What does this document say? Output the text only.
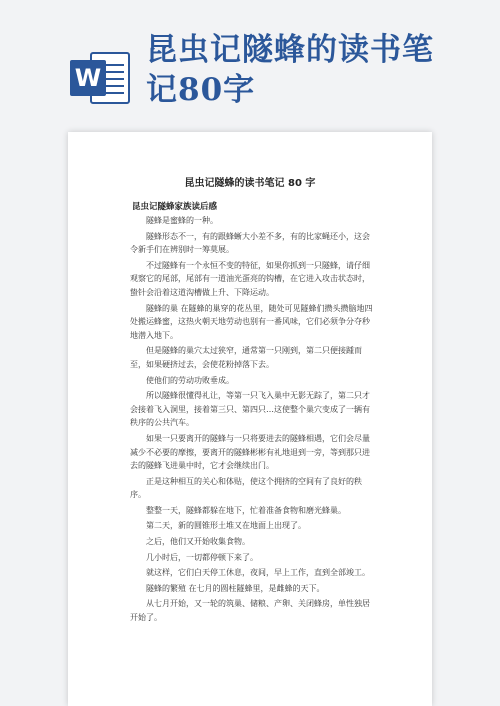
W
昆虫记隧蜂的读书笔记80字
昆虫记隧蜂的读书笔记 80 字
昆虫记隧蜂家族读后感

隧蜂是蜜蜂的一种。

隧蜂形态不一，有的跟蜂蜥大小差不多，有的比家蝇还小，这会令新手们在辨别时一筹莫展。

不过隧蜂有一个永恒不变的特征，如果你抓到一只隧蜂，请仔细观察它的尾部，尾部有一道油光蛋亮的钩槽，在它进入攻击状态时，蛰针会沿着这道沟槽做上升、下降运动。

隧蜂的巢 在隧蜂的巢穿的花丛里，随处可见隧蜂们攒头攒脑地四处搬运蜂蜜，这热火朝天地劳动也别有一番风味，它们必须争分夺秒地潜入地下。

但是隧蜂的巢穴太过狭窄，通常第一只刚到，第二只便接踵而至，如果硬挤过去，会使花粉掉落下去。

使他们的劳动功败垂成。

所以隧蜂很懂得礼让，等第一只飞入巢中无影无踪了，第二只才会接着飞入洞里，接着第三只、第四只…这使整个巢穴变成了一辆有秩序的公共汽车。

如果一只要离开的隧蜂与一只将要进去的隧蜂相遇，它们会尽量减少不必要的摩擦，要离开的隧蜂彬彬有礼地退到一旁，等到那只进去的隧蜂飞进巢中时，它才会继续出门。

正是这种相互的关心和体贴，使这个拥挤的空间有了良好的秩序。

整整一天，隧蜂都躲在地下，忙着准备食物和磨光蜂巢。

第二天，新的圆锥形土堆又在地面上出现了。

之后，他们又开始收集食物。

几小时后，一切都停顿下来了。

就这样，它们白天停工休息，夜间，早上工作，直到全部竣工。

隧蜂的繁殖 在七月的圆柱隧蜂里，是雌蜂的天下。

从七月开始，又一轮的筑巢、储粮、产卵、关闭蜂房，单性独居开始了。
